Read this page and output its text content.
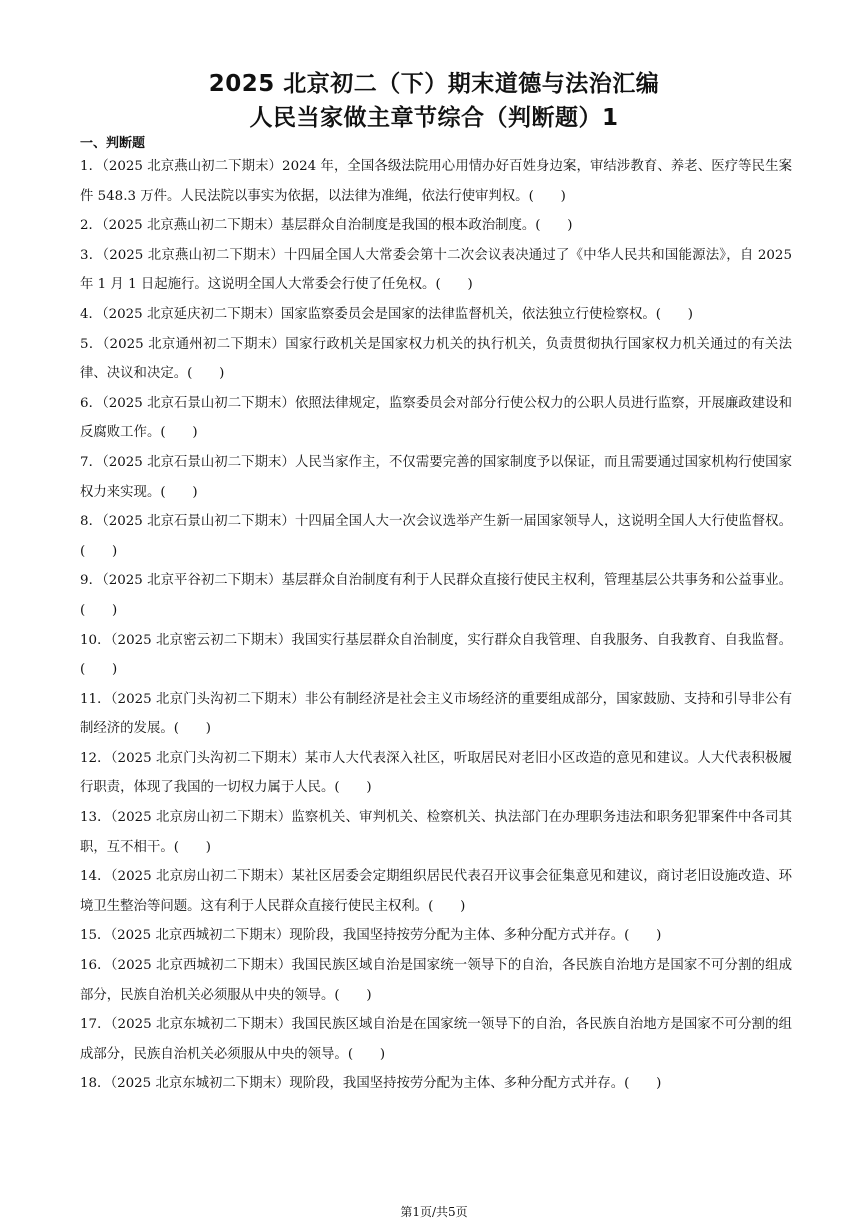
2025 北京初二（下）期末道德与法治汇编
人民当家做主章节综合（判断题）1
一、判断题
1．（2025 北京燕山初二下期末）2024 年，全国各级法院用心用情办好百姓身边案，审结涉教育、养老、医疗等民生案件 548.3 万件。人民法院以事实为依据，以法律为准绳，依法行使审判权。(　　)
2．（2025 北京燕山初二下期末）基层群众自治制度是我国的根本政治制度。(　　)
3．（2025 北京燕山初二下期末）十四届全国人大常委会第十二次会议表决通过了《中华人民共和国能源法》，自 2025 年 1 月 1 日起施行。这说明全国人大常委会行使了任免权。(　　)
4．（2025 北京延庆初二下期末）国家监察委员会是国家的法律监督机关，依法独立行使检察权。(　　)
5．（2025 北京通州初二下期末）国家行政机关是国家权力机关的执行机关，负责贯彻执行国家权力机关通过的有关法律、决议和决定。(　　)
6．（2025 北京石景山初二下期末）依照法律规定，监察委员会对部分行使公权力的公职人员进行监察，开展廉政建设和反腐败工作。(　　)
7．（2025 北京石景山初二下期末）人民当家作主，不仅需要完善的国家制度予以保证，而且需要通过国家机构行使国家权力来实现。(　　)
8．（2025 北京石景山初二下期末）十四届全国人大一次会议选举产生新一届国家领导人，这说明全国人大行使监督权。(　　)
9．（2025 北京平谷初二下期末）基层群众自治制度有利于人民群众直接行使民主权利，管理基层公共事务和公益事业。(　　)
10．（2025 北京密云初二下期末）我国实行基层群众自治制度，实行群众自我管理、自我服务、自我教育、自我监督。(　　)
11．（2025 北京门头沟初二下期末）非公有制经济是社会主义市场经济的重要组成部分，国家鼓励、支持和引导非公有制经济的发展。(　　)
12．（2025 北京门头沟初二下期末）某市人大代表深入社区，听取居民对老旧小区改造的意见和建议。人大代表积极履行职责，体现了我国的一切权力属于人民。(　　)
13．（2025 北京房山初二下期末）监察机关、审判机关、检察机关、执法部门在办理职务违法和职务犯罪案件中各司其职，互不相干。(　　)
14．（2025 北京房山初二下期末）某社区居委会定期组织居民代表召开议事会征集意见和建议，商讨老旧设施改造、环境卫生整治等问题。这有利于人民群众直接行使民主权利。(　　)
15．（2025 北京西城初二下期末）现阶段，我国坚持按劳分配为主体、多种分配方式并存。(　　)
16．（2025 北京西城初二下期末）我国民族区域自治是国家统一领导下的自治，各民族自治地方是国家不可分割的组成部分，民族自治机关必须服从中央的领导。(　　)
17．（2025 北京东城初二下期末）我国民族区域自治是在国家统一领导下的自治，各民族自治地方是国家不可分割的组成部分，民族自治机关必须服从中央的领导。(　　)
18．（2025 北京东城初二下期末）现阶段，我国坚持按劳分配为主体、多种分配方式并存。(　　)
第1页/共5页
